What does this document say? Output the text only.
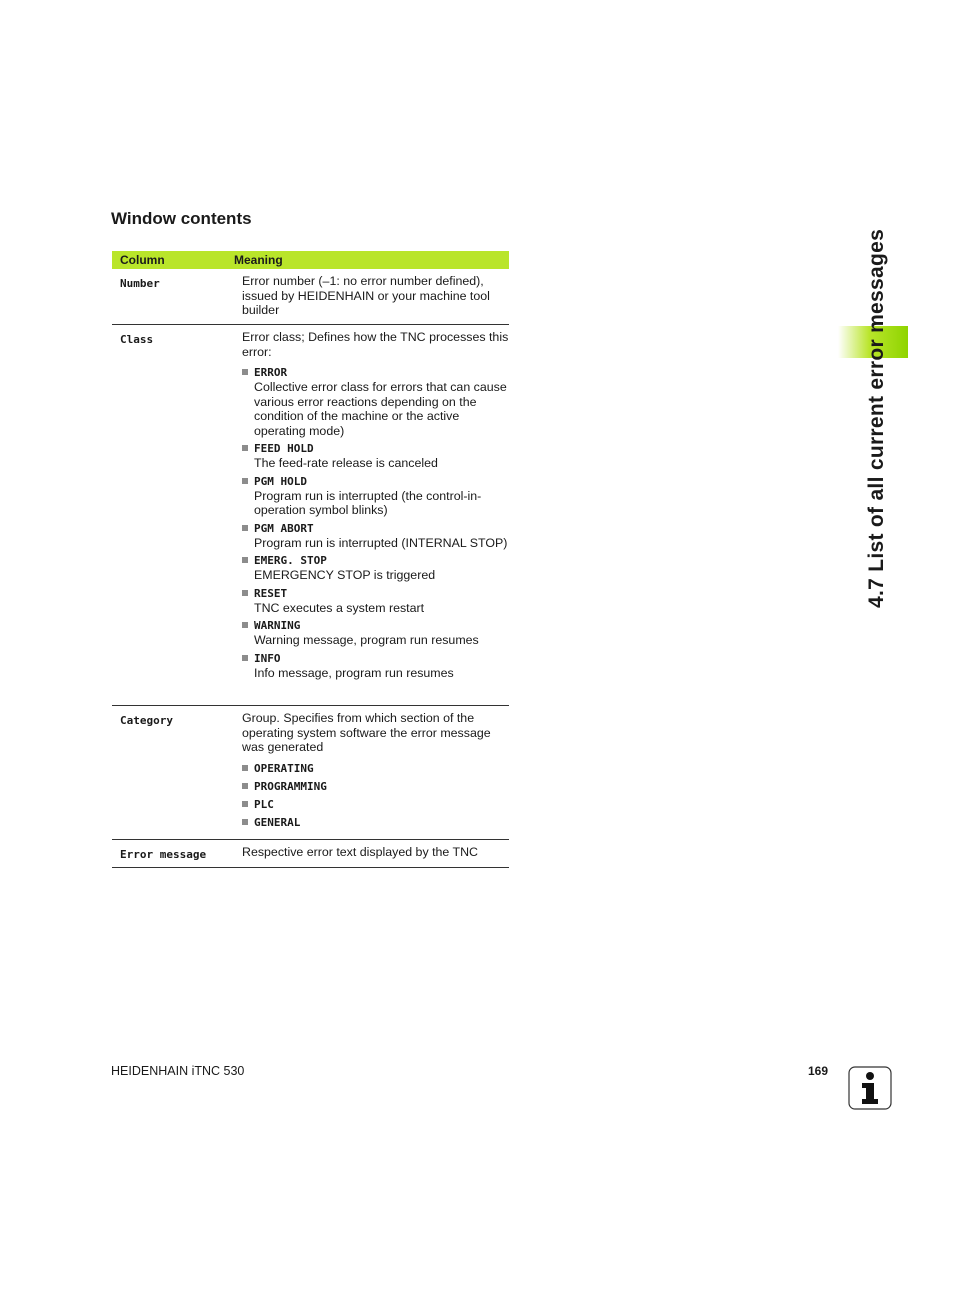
4.7 List of all current error messages
Window contents
Column	Meaning
Number	Error number (–1: no error number defined), issued by HEIDENHAIN or your machine tool builder

Class	Error class; Defines how the TNC processes this error:

ERROR
Collective error class for errors that can cause various error reactions depending on the condition of the machine or the active operating mode)
FEED HOLD
The feed-rate release is canceled
PGM HOLD
Program run is interrupted (the control-in-operation symbol blinks)
PGM ABORT
Program run is interrupted (INTERNAL STOP)
EMERG. STOP
EMERGENCY STOP is triggered
RESET
TNC executes a system restart
WARNING
Warning message, program run resumes
INFO
Info message, program run resumes
Category	Group. Specifies from which section of the operating system software the error message was generated

OPERATING
PROGRAMMING
PLC
GENERAL
Error message	Respective error text displayed by the TNC

HEIDENHAIN iTNC 530	169
